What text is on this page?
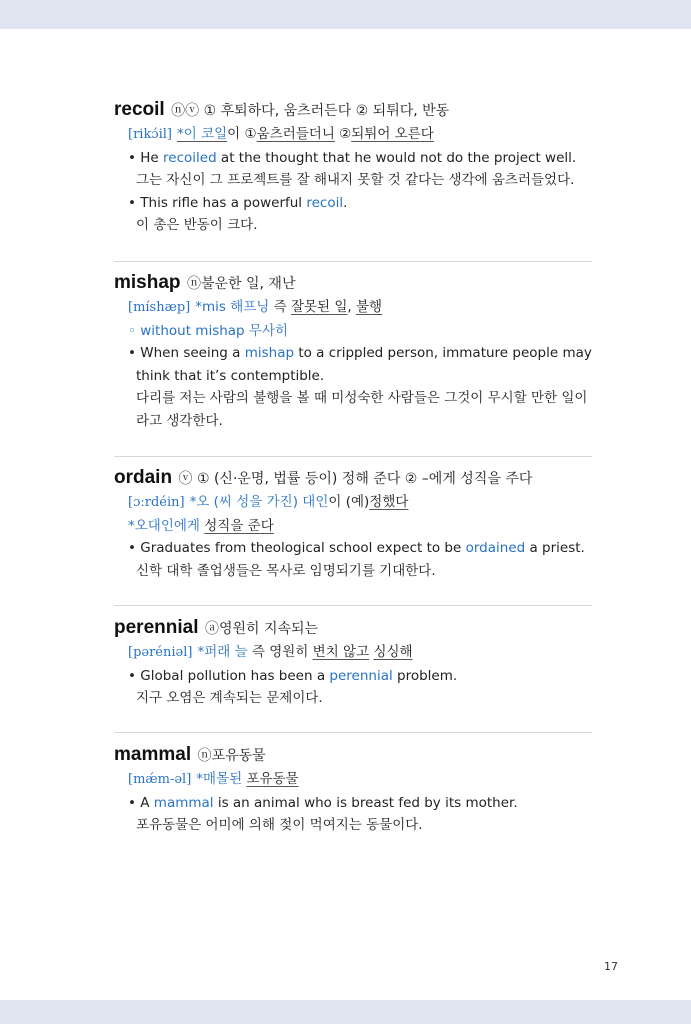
recoil ⓝⓥ ① 후퇴하다, 움츠러든다 ② 되튀다, 반동
[rikɔ́il] *이 코일이 ①움츠러들더니 ②되튀어 오른다
• He recoiled at the thought that he would not do the project well.
그는 자신이 그 프로젝트를 잘 해내지 못할 것 같다는 생각에 움츠러들었다.
• This rifle has a powerful recoil.
이 총은 반동이 크다.
mishap ⓝ불운한 일, 재난
[míshæp] *mis 해프닝 즉 잘못된 일, 불행
◦ without mishap 무사히
• When seeing a mishap to a crippled person, immature people may
think that it’s contemptible.
다리를 저는 사람의 불행을 볼 때 미성숙한 사람들은 그것이 무시할 만한 일이
라고 생각한다.
ordain ⓥ ① (신·운명, 법률 등이) 정해 준다 ② –에게 성직을 주다
[ɔːrdéin] *오 (씨 성을 가진) 대인이 (예)정했다
*오대인에게 성직을 준다
• Graduates from theological school expect to be ordained a priest.
신학 대학 졸업생들은 목사로 임명되기를 기대한다.
perennial ⓐ영원히 지속되는
[pəréniəl] *퍼래 늘 즉 영원히 변치 않고 싱싱해
• Global pollution has been a perennial problem.
지구 오염은 계속되는 문제이다.
mammal ⓝ포유동물
[mǽm-əl] *매몰된 포유동물
• A mammal is an animal who is breast fed by its mother.
포유동물은 어미에 의해 젖이 먹여지는 동물이다.
17
